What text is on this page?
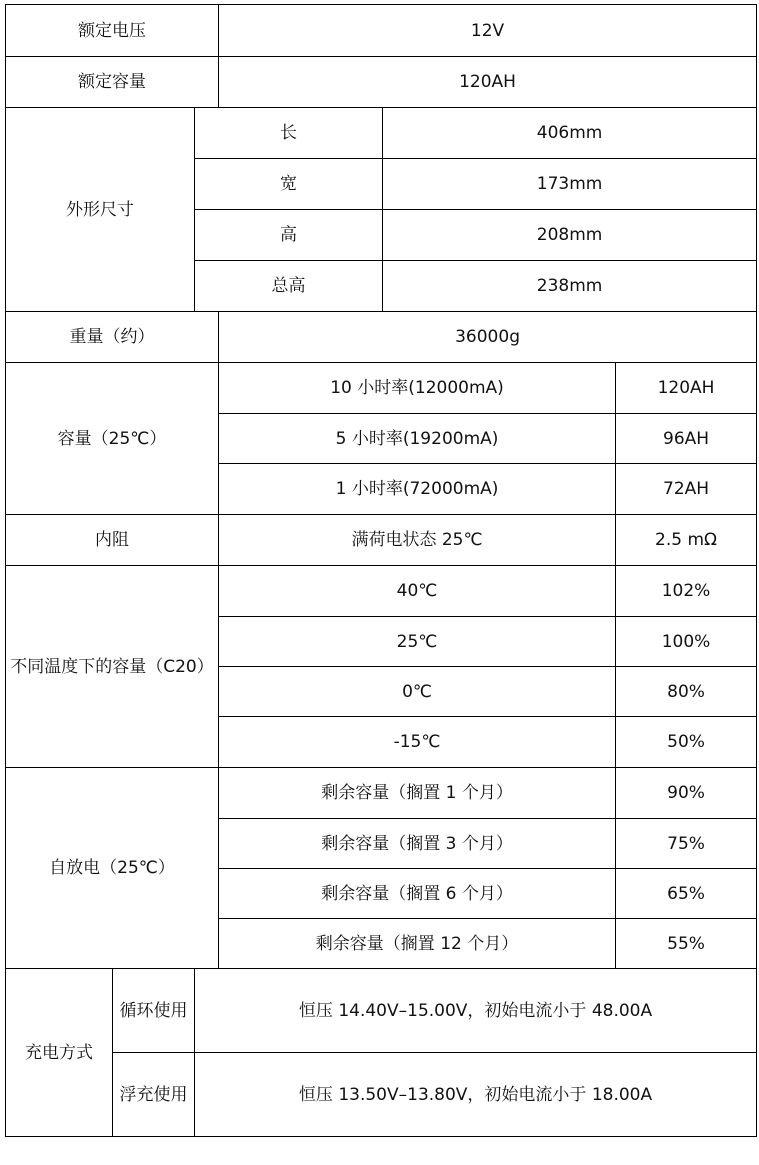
额定电压			12V		
额定容量			120AH		
外形尺寸		长		406mm	
		宽		173mm	
		高		208mm	
		总高		238mm	
重量（约）			36000g		
容量（25℃）			10 小时率(12000mA)		120AH
			5 小时率(19200mA)		96AH
			1 小时率(72000mA)		72AH
内阻			满荷电状态 25℃		2.5 mΩ
不同温度下的容量（C20）			40℃		102%
			25℃		100%
			0℃		80%
			-15℃		50%
自放电（25℃）			剩余容量（搁置 1 个月）		90%
			剩余容量（搁置 3 个月）		75%
			剩余容量（搁置 6 个月）		65%
			剩余容量（搁置 12 个月）		55%
充电方式	循环使用	恒压 14.40V–15.00V，初始电流小于 48.00A			
	浮充使用	恒压 13.50V–13.80V，初始电流小于 18.00A			
